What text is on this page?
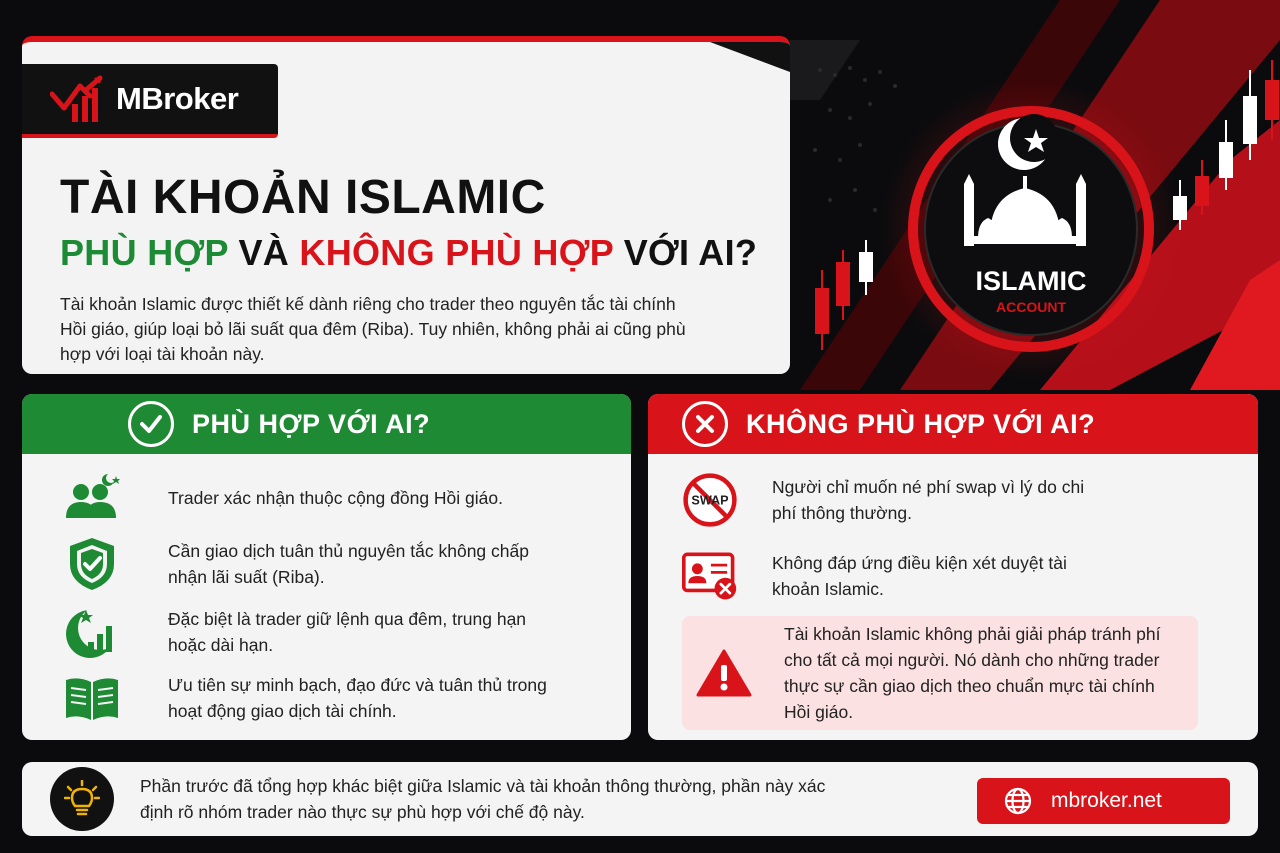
MBroker
TÀI KHOẢN ISLAMIC
PHÙ HỢP VÀ KHÔNG PHÙ HỢP VỚI AI?

Tài khoản Islamic được thiết kế dành riêng cho trader theo nguyên tắc tài chính Hồi giáo, giúp loại bỏ lãi suất qua đêm (Riba). Tuy nhiên, không phải ai cũng phù hợp với loại tài khoản này.

ISLAMIC
ACCOUNT
PHÙ HỢP VỚI AI?
Trader xác nhận thuộc cộng đồng Hồi giáo.
Cần giao dịch tuân thủ nguyên tắc không chấp nhận lãi suất (Riba).
Đặc biệt là trader giữ lệnh qua đêm, trung hạn hoặc dài hạn.
Ưu tiên sự minh bạch, đạo đức và tuân thủ trong hoạt động giao dịch tài chính.
KHÔNG PHÙ HỢP VỚI AI?
SWAP
Người chỉ muốn né phí swap vì lý do chi phí thông thường.
Không đáp ứng điều kiện xét duyệt tài khoản Islamic.
Tài khoản Islamic không phải giải pháp tránh phí cho tất cả mọi người. Nó dành cho những trader thực sự cần giao dịch theo chuẩn mực tài chính Hồi giáo.

Phần trước đã tổng hợp khác biệt giữa Islamic và tài khoản thông thường, phần này xác định rõ nhóm trader nào thực sự phù hợp với chế độ này.	mbroker.net
